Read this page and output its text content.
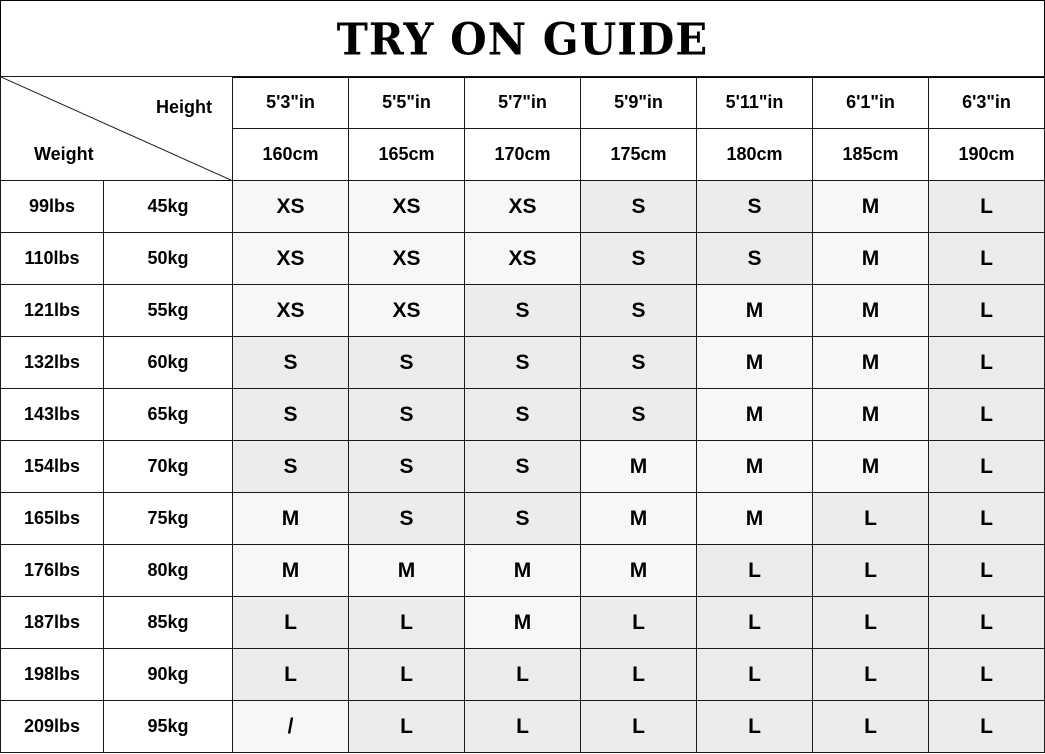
TRY ON GUIDE
Height
Weight		5'3"in	5'5"in	5'7"in	5'9"in	5'11"in	6'1"in	6'3"in
		160cm	165cm	170cm	175cm	180cm	185cm	190cm
99lbs	45kg	XS	XS	XS	S	S	M	L
110lbs	50kg	XS	XS	XS	S	S	M	L
121lbs	55kg	XS	XS	S	S	M	M	L
132lbs	60kg	S	S	S	S	M	M	L
143lbs	65kg	S	S	S	S	M	M	L
154lbs	70kg	S	S	S	M	M	M	L
165lbs	75kg	M	S	S	M	M	L	L
176lbs	80kg	M	M	M	M	L	L	L
187lbs	85kg	L	L	M	L	L	L	L
198lbs	90kg	L	L	L	L	L	L	L
209lbs	95kg	/	L	L	L	L	L	L
